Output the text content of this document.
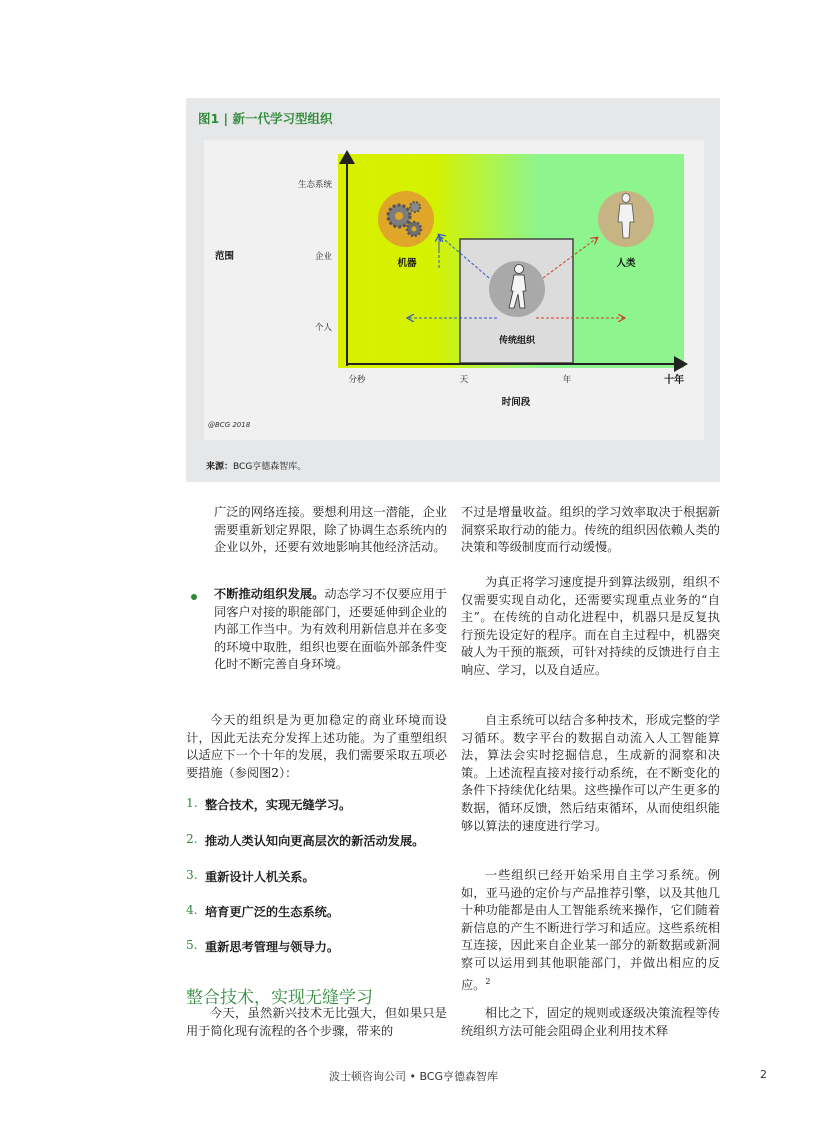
生态系统
企业
个人
范围
分秒	天	年	十年
时间段
机器	人类
传统组织
@BCG 2018
图1 | 新一代学习型组织
来源：BCG亨德森智库。

广泛的网络连接。要想利用这一潜能，企业需要重新划定界限，除了协调生态系统内的企业以外，还要有效地影响其他经济活动。

不断推动组织发展。动态学习不仅要应用于同客户对接的职能部门，还要延伸到企业的内部工作当中。为有效利用新信息并在多变的环境中取胜，组织也要在面临外部条件变化时不断完善自身环境。

今天的组织是为更加稳定的商业环境而设计，因此无法充分发挥上述功能。为了重塑组织以适应下一个十年的发展，我们需要采取五项必要措施（参阅图2）：

1. 整合技术，实现无缝学习。
2. 推动人类认知向更高层次的新活动发展。
3. 重新设计人机关系。
4. 培育更广泛的生态系统。
5. 重新思考管理与领导力。
整合技术，实现无缝学习

今天，虽然新兴技术无比强大，但如果只是用于简化现有流程的各个步骤，带来的

不过是增量收益。组织的学习效率取决于根据新洞察采取行动的能力。传统的组织因依赖人类的决策和等级制度而行动缓慢。

为真正将学习速度提升到算法级别，组织不仅需要实现自动化，还需要实现重点业务的“自主”。在传统的自动化进程中，机器只是反复执行预先设定好的程序。而在自主过程中，机器突破人为干预的瓶颈，可针对持续的反馈进行自主响应、学习，以及自适应。

自主系统可以结合多种技术，形成完整的学习循环。数字平台的数据自动流入人工智能算法，算法会实时挖掘信息，生成新的洞察和决策。上述流程直接对接行动系统，在不断变化的条件下持续优化结果。这些操作可以产生更多的数据，循环反馈，然后结束循环，从而使组织能够以算法的速度进行学习。

一些组织已经开始采用自主学习系统。例如，亚马逊的定价与产品推荐引擎，以及其他几十种功能都是由人工智能系统来操作，它们随着新信息的产生不断进行学习和适应。这些系统相互连接，因此来自企业某一部分的新数据或新洞察可以运用到其他职能部门，并做出相应的反应。$^2$

相比之下，固定的规则或逐级决策流程等传统组织方法可能会阻碍企业利用技术释

波士顿咨询公司 • BCG亨德森智库	2
